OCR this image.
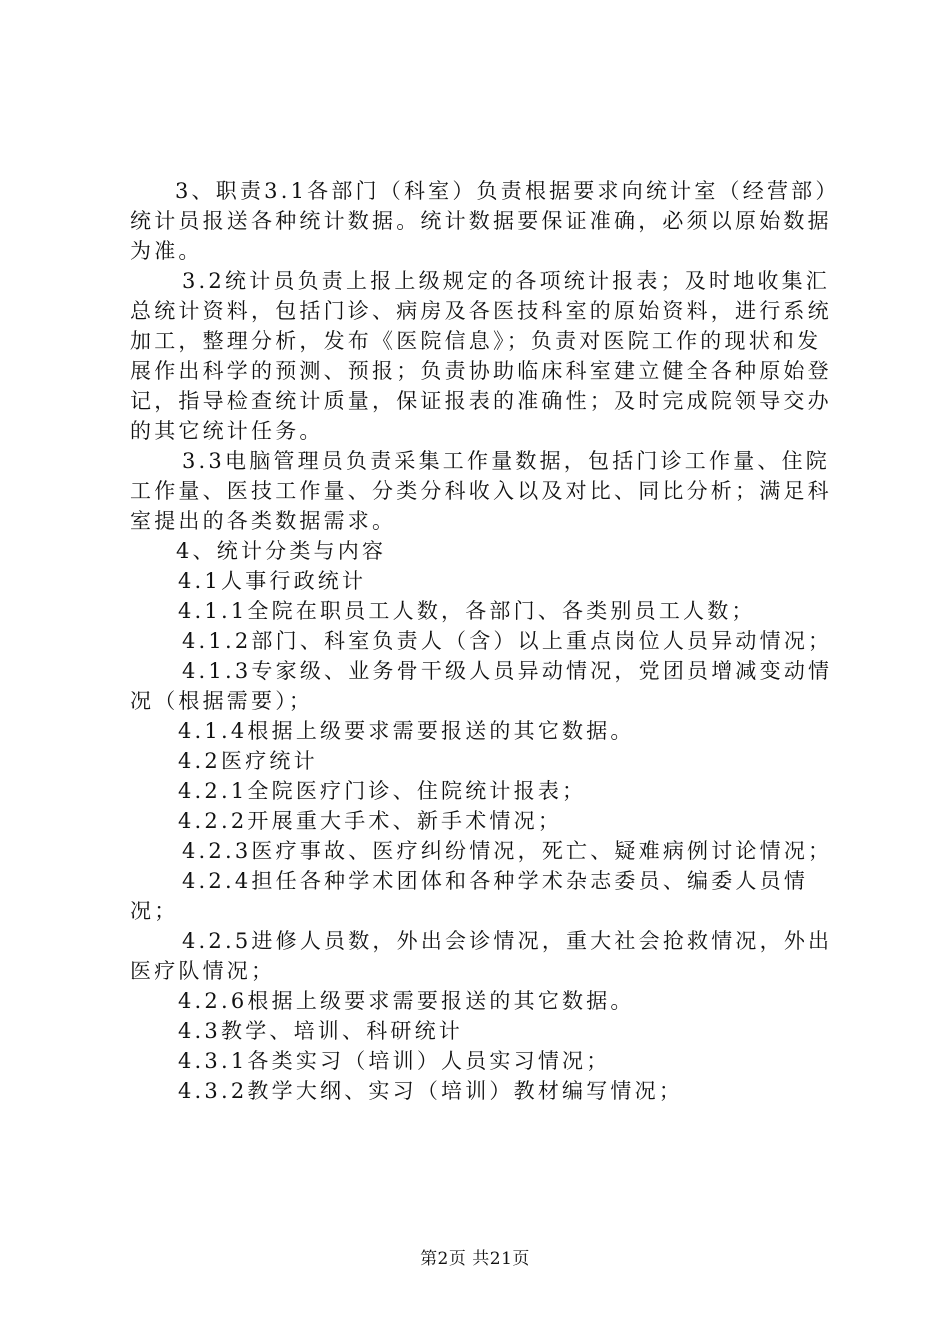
3、职责3.1各部门（科室）负责根据要求向统计室（经营部）统计员报送各种统计数据。统计数据要保证准确，必须以原始数据为准。

3.2统计员负责上报上级规定的各项统计报表；及时地收集汇总统计资料，包括门诊、病房及各医技科室的原始资料，进行系统加工，整理分析，发布《医院信息》；负责对医院工作的现状和发展作出科学的预测、预报；负责协助临床科室建立健全各种原始登记，指导检查统计质量，保证报表的准确性；及时完成院领导交办的其它统计任务。

3.3电脑管理员负责采集工作量数据，包括门诊工作量、住院工作量、医技工作量、分类分科收入以及对比、同比分析；满足科室提出的各类数据需求。

4、统计分类与内容

4.1人事行政统计

4.1.1全院在职员工人数，各部门、各类别员工人数；

4.1.2部门、科室负责人（含）以上重点岗位人员异动情况；

4.1.3专家级、业务骨干级人员异动情况，党团员增减变动情况（根据需要）；

4.1.4根据上级要求需要报送的其它数据。

4.2医疗统计

4.2.1全院医疗门诊、住院统计报表；

4.2.2开展重大手术、新手术情况；

4.2.3医疗事故、医疗纠纷情况，死亡、疑难病例讨论情况；

4.2.4担任各种学术团体和各种学术杂志委员、编委人员情况；

4.2.5进修人员数，外出会诊情况，重大社会抢救情况，外出医疗队情况；

4.2.6根据上级要求需要报送的其它数据。

4.3教学、培训、科研统计

4.3.1各类实习（培训）人员实习情况；

4.3.2教学大纲、实习（培训）教材编写情况；

第2页 共21页
